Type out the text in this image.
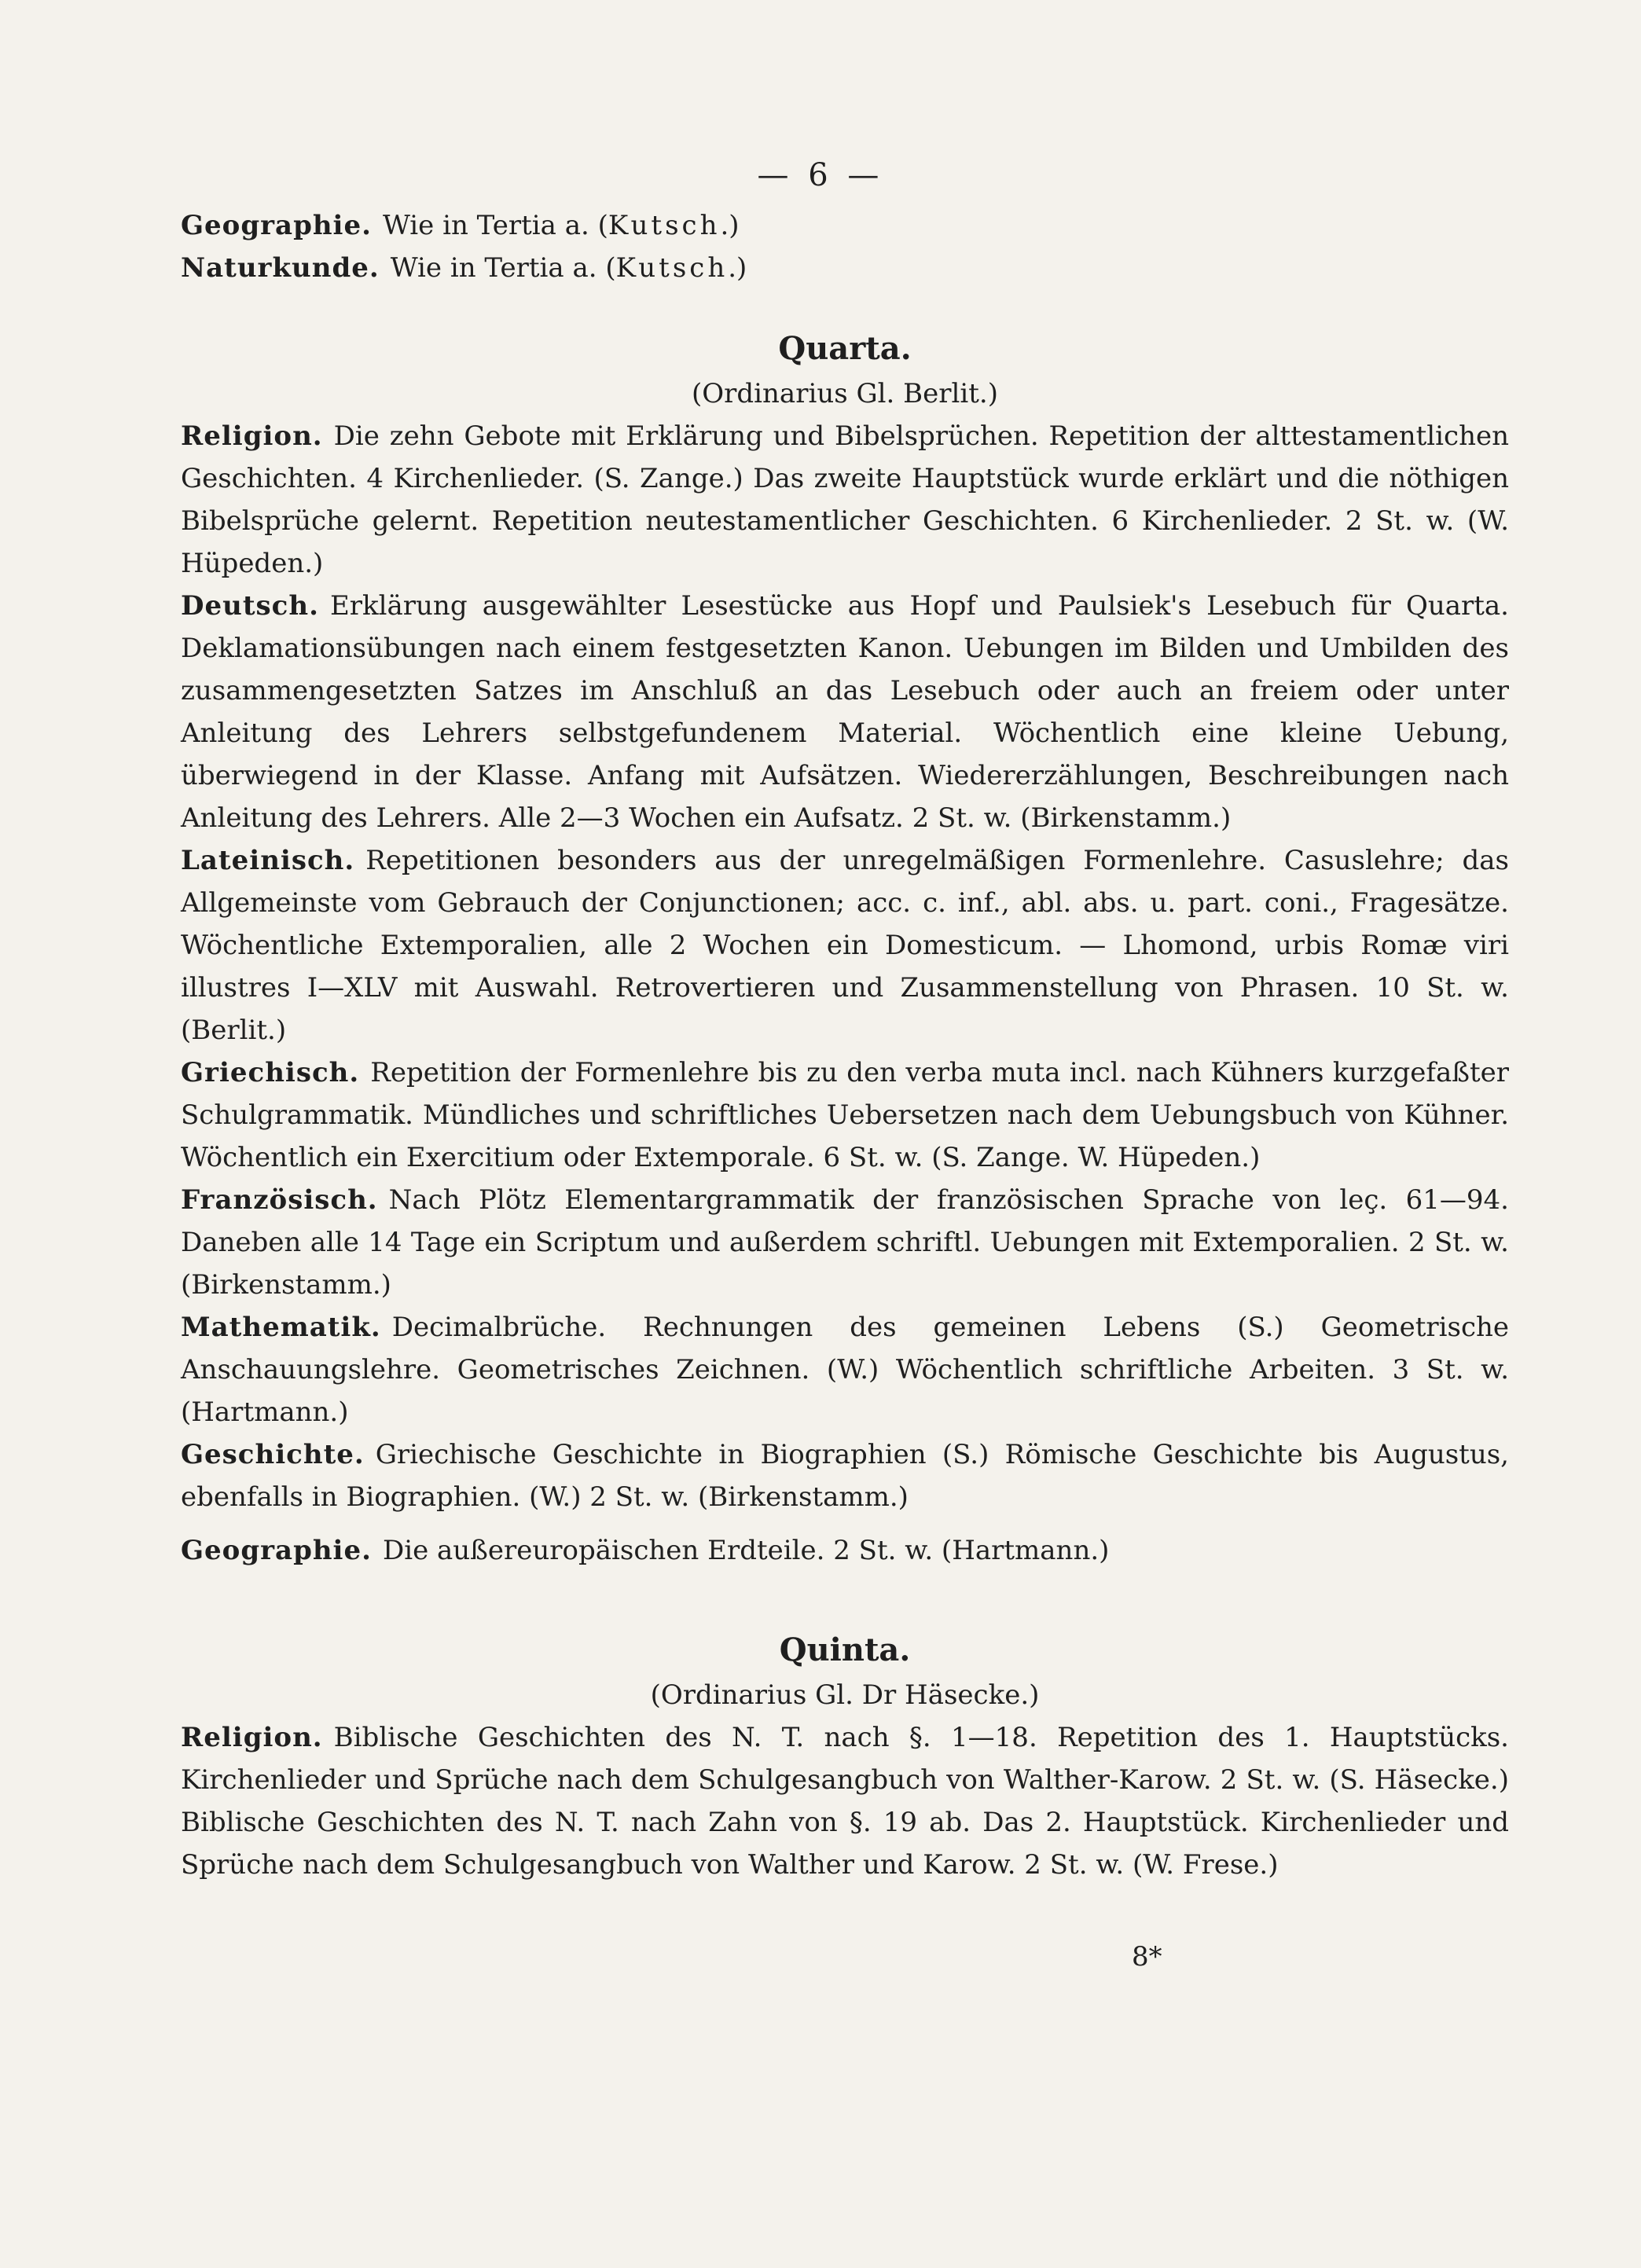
— 6 —

Geographie. Wie in Tertia a. (Kutsch.)

Naturkunde. Wie in Tertia a. (Kutsch.)

Quarta.
(Ordinarius Gl. Berlit.)

Religion. Die zehn Gebote mit Erklärung und Bibelsprüchen. Repetition der alttestamentlichen Geschichten. 4 Kirchenlieder. (S. Zange.) Das zweite Hauptstück wurde erklärt und die nöthigen Bibelsprüche gelernt. Repetition neutestamentlicher Geschichten. 6 Kirchenlieder. 2 St. w. (W. Hüpeden.)

Deutsch. Erklärung ausgewählter Lesestücke aus Hopf und Paulsiek's Lesebuch für Quarta. Deklamationsübungen nach einem festgesetzten Kanon. Uebungen im Bilden und Umbilden des zusammengesetzten Satzes im Anschluß an das Lesebuch oder auch an freiem oder unter Anleitung des Lehrers selbstgefundenem Material. Wöchentlich eine kleine Uebung, überwiegend in der Klasse. Anfang mit Aufsätzen. Wiedererzählungen, Beschreibungen nach Anleitung des Lehrers. Alle 2—3 Wochen ein Aufsatz. 2 St. w. (Birkenstamm.)

Lateinisch. Repetitionen besonders aus der unregelmäßigen Formenlehre. Casuslehre; das Allgemeinste vom Gebrauch der Conjunctionen; acc. c. inf., abl. abs. u. part. coni., Fragesätze. Wöchentliche Extemporalien, alle 2 Wochen ein Domesticum. — Lhomond, urbis Romæ viri illustres I—XLV mit Auswahl. Retrovertieren und Zusammenstellung von Phrasen. 10 St. w. (Berlit.)

Griechisch. Repetition der Formenlehre bis zu den verba muta incl. nach Kühners kurzgefaßter Schulgrammatik. Mündliches und schriftliches Uebersetzen nach dem Uebungsbuch von Kühner. Wöchentlich ein Exercitium oder Extemporale. 6 St. w. (S. Zange. W. Hüpeden.)

Französisch. Nach Plötz Elementargrammatik der französischen Sprache von leç. 61—94. Daneben alle 14 Tage ein Scriptum und außerdem schriftl. Uebungen mit Extemporalien. 2 St. w. (Birkenstamm.)

Mathematik. Decimalbrüche. Rechnungen des gemeinen Lebens (S.) Geometrische Anschauungslehre. Geometrisches Zeichnen. (W.) Wöchentlich schriftliche Arbeiten. 3 St. w. (Hartmann.)

Geschichte. Griechische Geschichte in Biographien (S.) Römische Geschichte bis Augustus, ebenfalls in Biographien. (W.) 2 St. w. (Birkenstamm.)

Geographie. Die außereuropäischen Erdteile. 2 St. w. (Hartmann.)

Quinta.
(Ordinarius Gl. Dr Häsecke.)

Religion. Biblische Geschichten des N. T. nach §. 1—18. Repetition des 1. Hauptstücks. Kirchenlieder und Sprüche nach dem Schulgesangbuch von Walther-Karow. 2 St. w. (S. Häsecke.) Biblische Geschichten des N. T. nach Zahn von §. 19 ab. Das 2. Hauptstück. Kirchenlieder und Sprüche nach dem Schulgesangbuch von Walther und Karow. 2 St. w. (W. Frese.)

8*
